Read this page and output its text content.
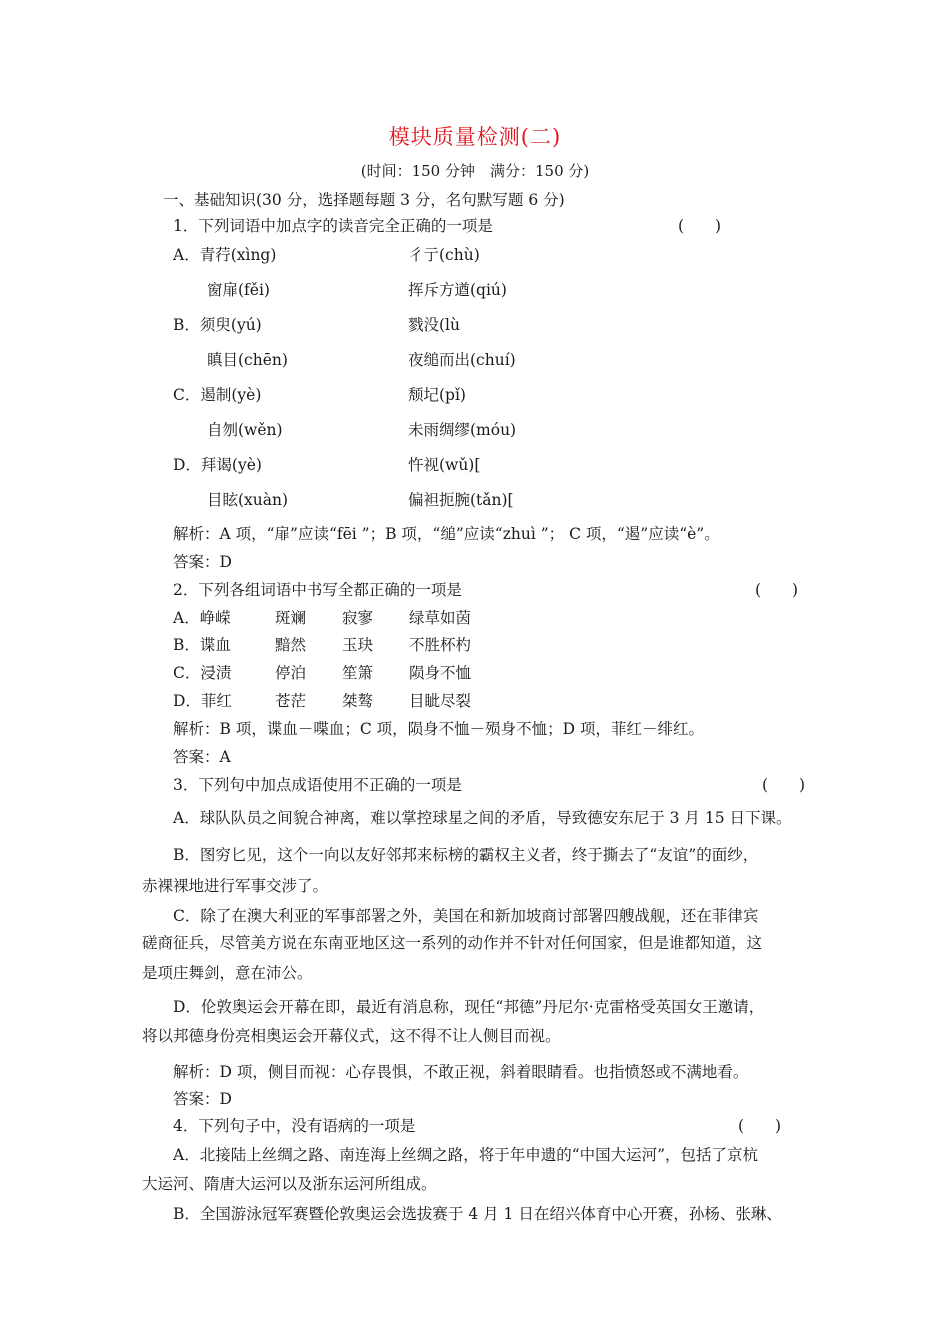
模块质量检测(二)
(时间：150 分钟　满分：150 分)
一、基础知识(30 分，选择题每题 3 分，名句默写题 6 分)
1．下列词语中加点字的读音完全正确的一项是	(　　)
A．青荇(xìng)	彳亍(chù)
窗扉(fěi)	挥斥方遒(qiú)
B．须臾(yú)	戮没(lù
瞋目(chēn)	夜缒而出(chuí)
C．遏制(yè)	颓圮(pǐ)
自刎(wěn)	未雨绸缪(móu)
D．拜谒(yè)	忤视(wǔ)[
目眩(xuàn)	偏袒扼腕(tǎn)[
解析：A 项，“扉”应读“fēi ”；B 项，“缒”应读“zhuì ”； C 项，“遏”应读“è”。
答案：D
2．下列各组词语中书写全都正确的一项是	(　　)
A．峥嵘	斑斓 寂寥 绿草如茵
B．谍血	黯然 玉玦 不胜杯杓
C．浸渍	停泊 笙箫 陨身不恤
D．菲红	苍茫 桀骜 目眦尽裂
解析：B 项，谍血－喋血；C 项，陨身不恤－殒身不恤；D 项，菲红－绯红。
答案：A
3．下列句中加点成语使用不正确的一项是	(　　)
A．球队队员之间貌合神离，难以掌控球星之间的矛盾，导致德安东尼于 3 月 15 日下课。
B．图穷匕见，这个一向以友好邻邦来标榜的霸权主义者，终于撕去了“友谊”的面纱，
赤裸裸地进行军事交涉了。
C．除了在澳大利亚的军事部署之外，美国在和新加坡商讨部署四艘战舰，还在菲律宾
磋商征兵，尽管美方说在东南亚地区这一系列的动作并不针对任何国家，但是谁都知道，这
是项庄舞剑，意在沛公。
D．伦敦奥运会开幕在即，最近有消息称，现任“邦德”丹尼尔·克雷格受英国女王邀请，
将以邦德身份亮相奥运会开幕仪式，这不得不让人侧目而视。
解析：D 项，侧目而视：心存畏惧，不敢正视，斜着眼睛看。也指愤怒或不满地看。
答案：D
4．下列句子中，没有语病的一项是	(　　)
A．北接陆上丝绸之路、南连海上丝绸之路，将于年申遗的“中国大运河”，包括了京杭
大运河、隋唐大运河以及浙东运河所组成。
B．全国游泳冠军赛暨伦敦奥运会选拔赛于 4 月 1 日在绍兴体育中心开赛，孙杨、张琳、
